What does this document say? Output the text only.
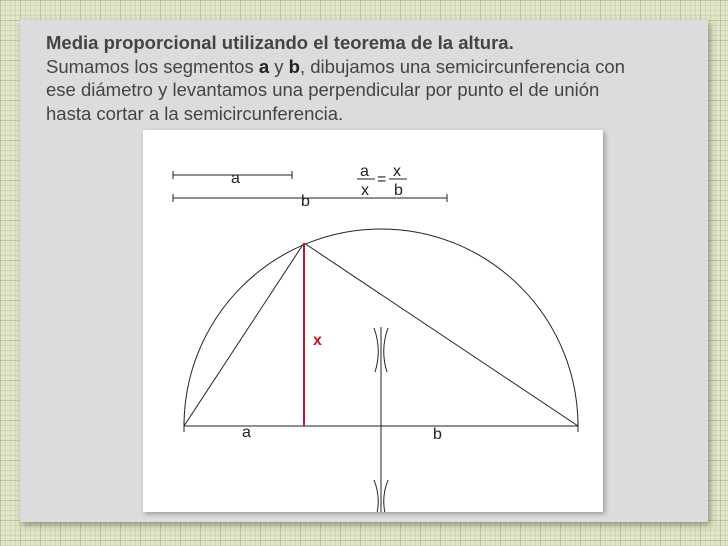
Media proporcional utilizando el teorema de la altura.
Sumamos los segmentos a y b, dibujamos una semicircunferencia con
ese diámetro y levantamos una perpendicular por punto el de unión
hasta cortar a la semicircunferencia.
a
b
a
x
= x
b
x
a	b
